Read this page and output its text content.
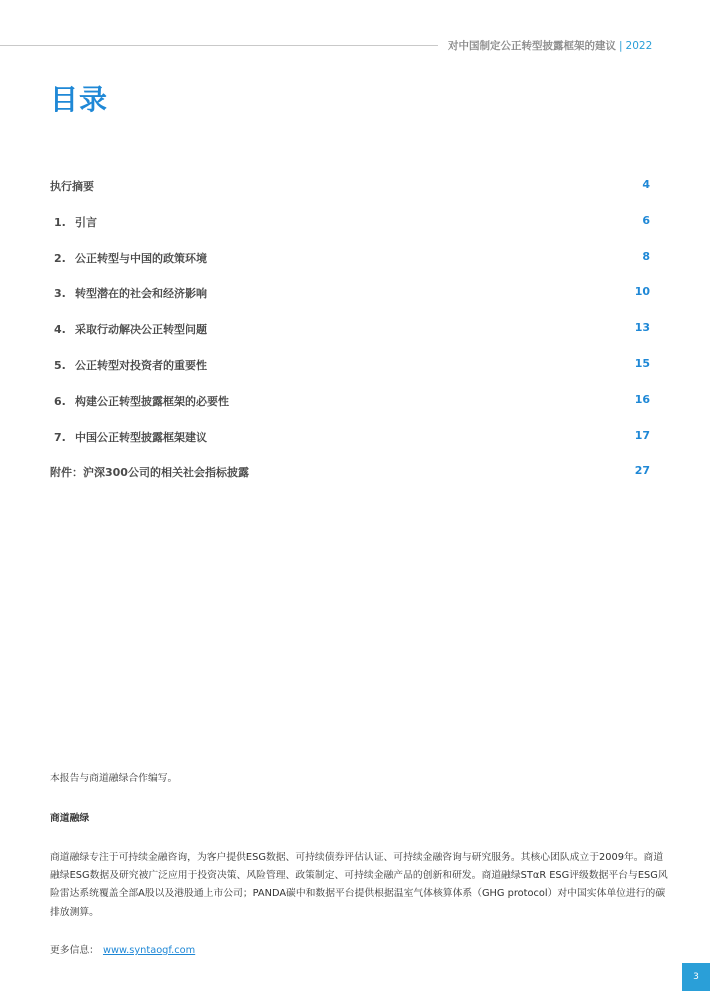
对中国制定公正转型披露框架的建议 | 2022
目录
执行摘要	4
1. 引言	6
2. 公正转型与中国的政策环境	8
3. 转型潜在的社会和经济影响	10
4. 采取行动解决公正转型问题	13
5. 公正转型对投资者的重要性	15
6. 构建公正转型披露框架的必要性	16
7. 中国公正转型披露框架建议	17
附件：沪深300公司的相关社会指标披露	27

本报告与商道融绿合作编写。

商道融绿

商道融绿专注于可持续金融咨询，为客户提供ESG数据、可持续债券评估认证、可持续金融咨询与研究服务。其核心团队成立于2009年。商道融绿ESG数据及研究被广泛应用于投资决策、风险管理、政策制定、可持续金融产品的创新和研发。商道融绿STαR ESG评级数据平台与ESG风险雷达系统覆盖全部A股以及港股通上市公司；PANDA碳中和数据平台提供根据温室气体核算体系（GHG protocol）对中国实体单位进行的碳排放测算。

更多信息： www.syntaogf.com

3
